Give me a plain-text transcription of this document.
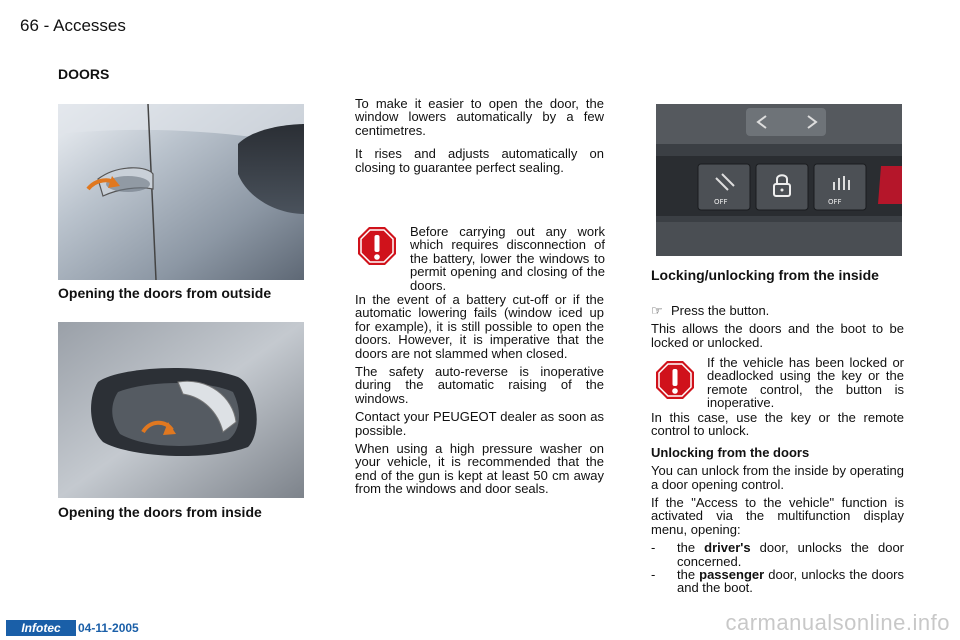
66 - Accesses
DOORS
Opening the doors from outside
Opening the doors from inside

To make it easier to open the door, the window lowers automatically by a few centimetres.

It rises and adjusts automatically on closing to guarantee perfect sealing.

Before carrying out any work which requires disconnection of the battery, lower the windows to permit opening and closing of the doors.

In the event of a battery cut-off or if the automatic lowering fails (window iced up for example), it is still possible to open the doors. However, it is imperative that the doors are not slammed when closed.

The safety auto-reverse is inoperative during the automatic raising of the windows.

Contact your PEUGEOT dealer as soon as possible.

When using a high pressure washer on your vehicle, it is recommended that the end of the gun is kept at least 50 cm away from the windows and door seals.

OFF	OFF
Locking/unlocking from the inside

☞ Press the button.

This allows the doors and the boot to be locked or unlocked.

If the vehicle has been locked or deadlocked using the key or the remote control, the button is inoperative.

In this case, use the key or the remote control to unlock.

Unlocking from the doors

You can unlock from the inside by operating a door opening control.

If the "Access to the vehicle" function is activated via the multifunction display menu, opening:

-	the driver's door, unlocks the door concerned.
-	the passenger door, unlocks the doors and the boot.
Infotec	04-11-2005	carmanualsonline.info
